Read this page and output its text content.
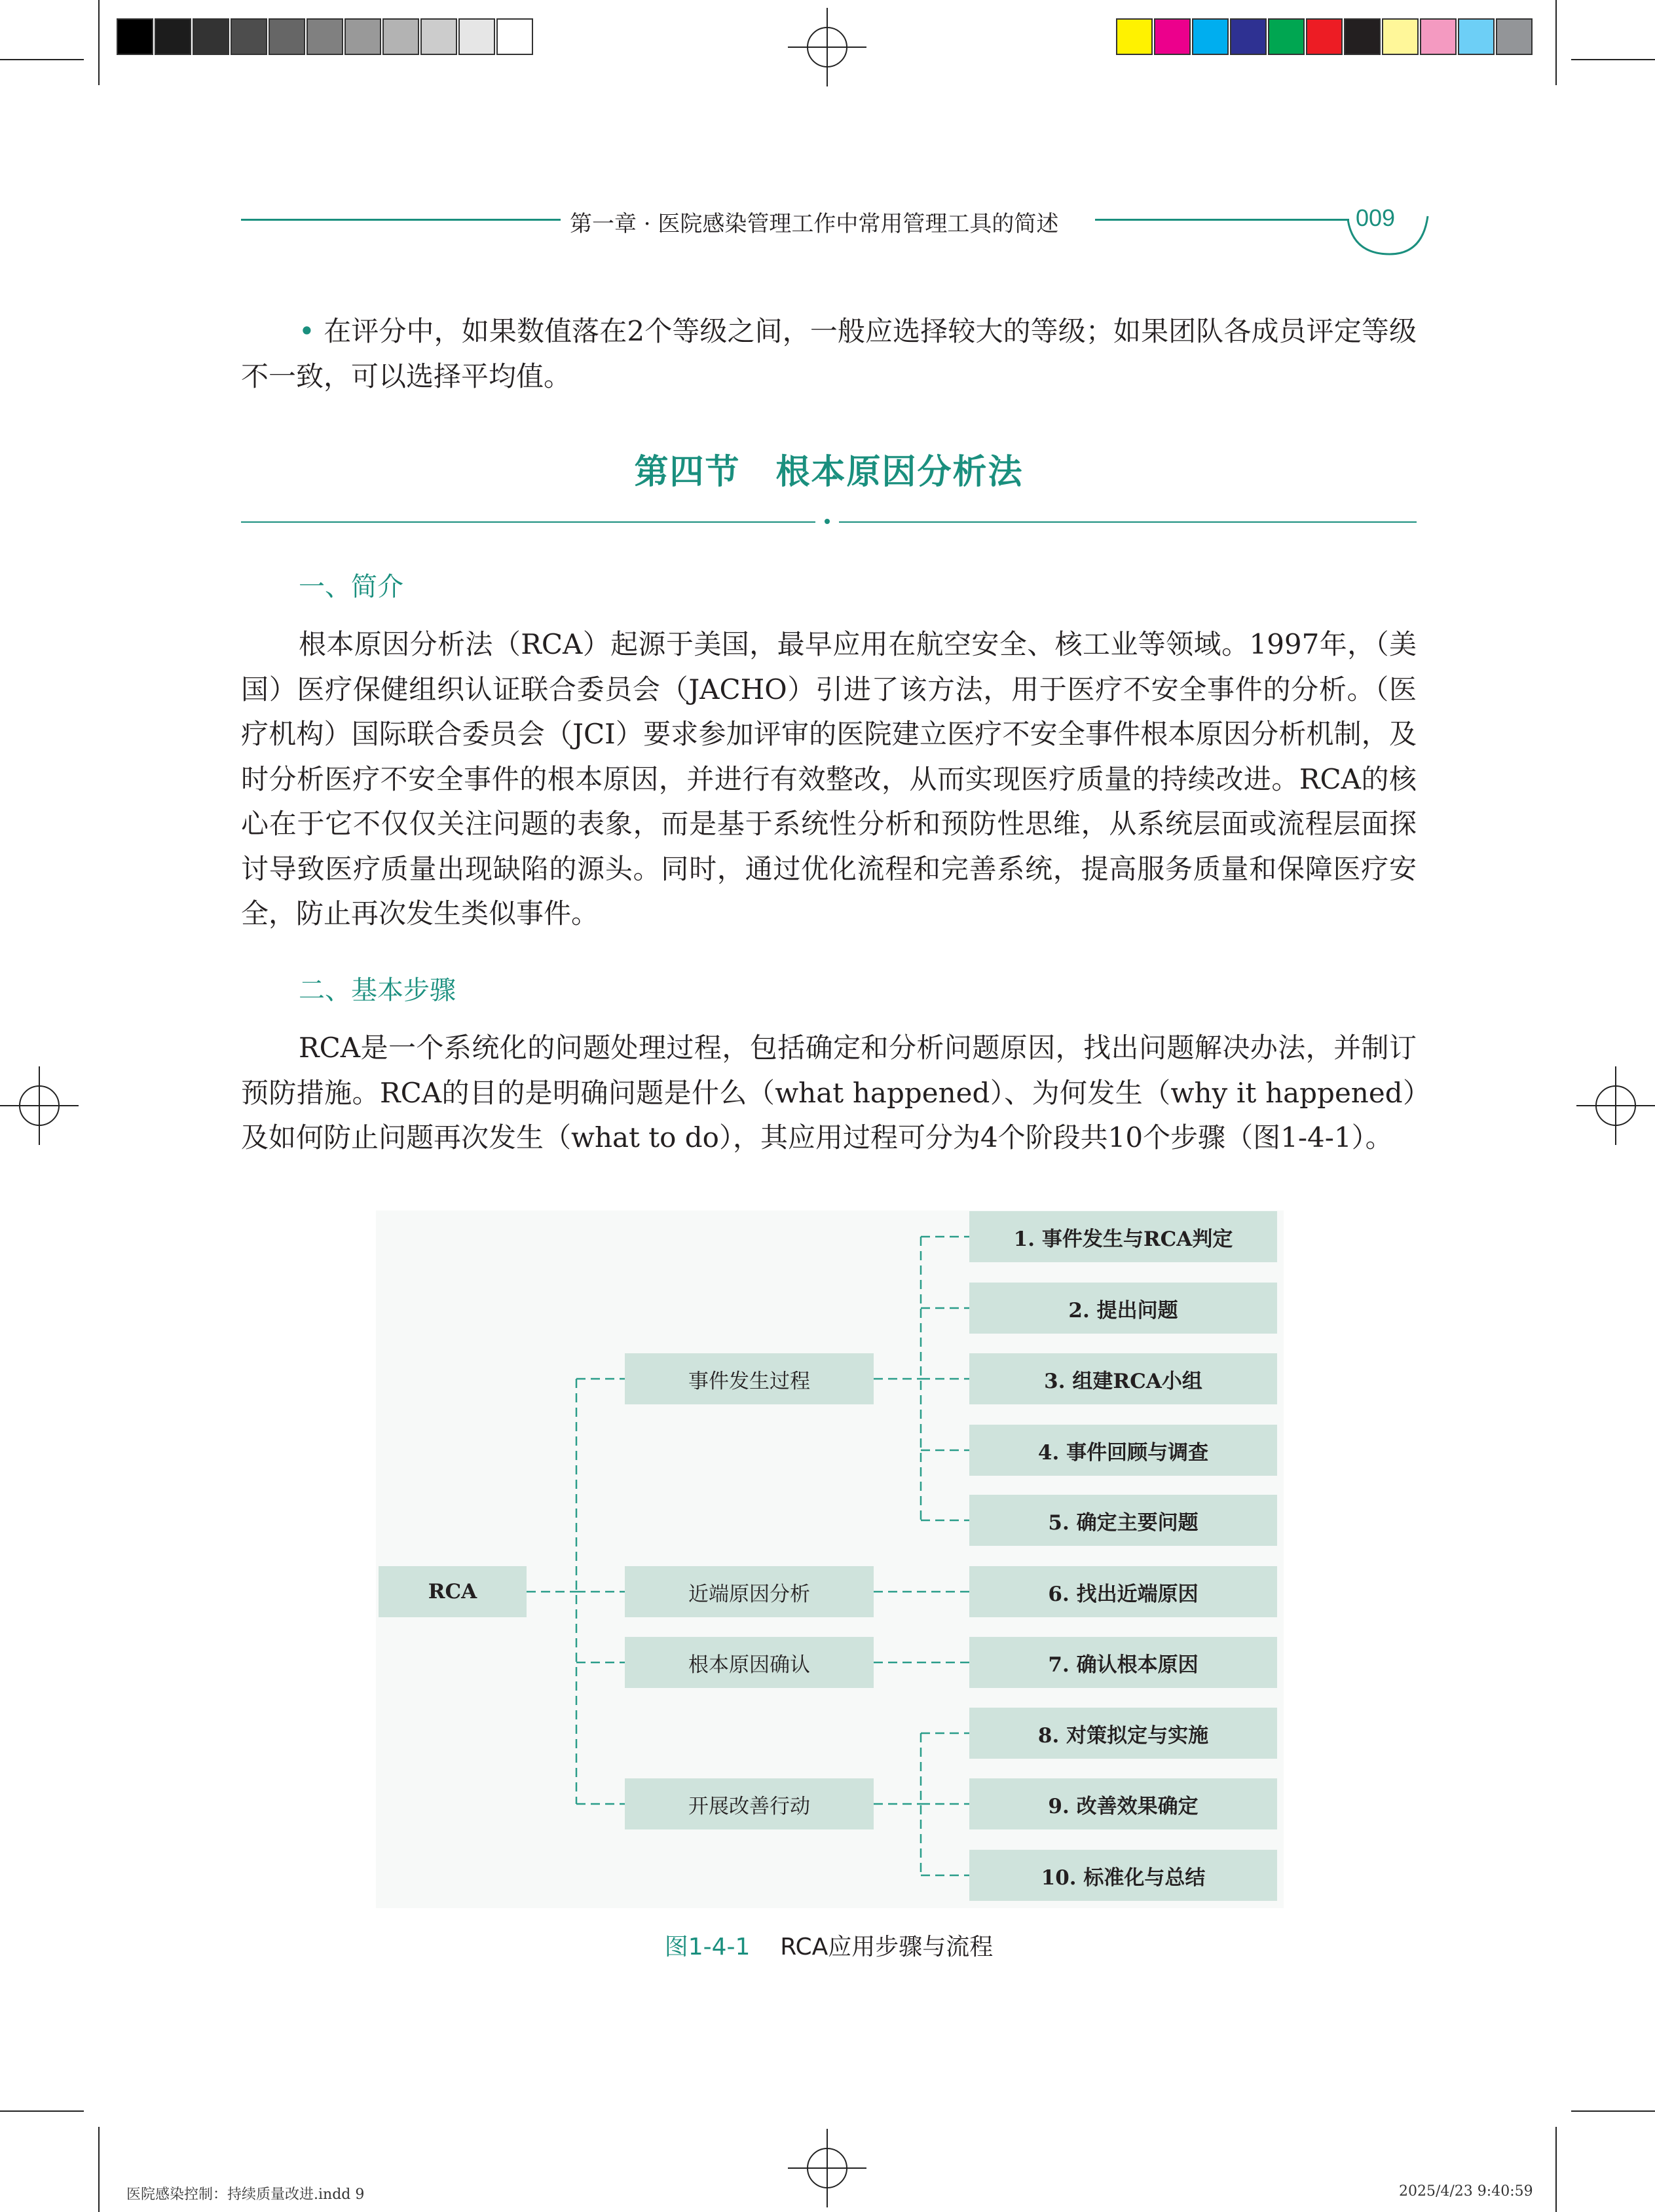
第一章 · 医院感染管理工作中常用管理工具的简述	009

• 在评分中，如果数值落在2个等级之间，一般应选择较大的等级；如果团队各成员评定等级不一致，可以选择平均值。

第四节　根本原因分析法
一、简介

根本原因分析法（RCA）起源于美国，最早应用在航空安全、核工业等领域。1997年，（美国）医疗保健组织认证联合委员会（JACHO）引进了该方法，用于医疗不安全事件的分析。（医疗机构）国际联合委员会（JCI）要求参加评审的医院建立医疗不安全事件根本原因分析机制，及时分析医疗不安全事件的根本原因，并进行有效整改，从而实现医疗质量的持续改进。RCA的核心在于它不仅仅关注问题的表象，而是基于系统性分析和预防性思维，从系统层面或流程层面探讨导致医疗质量出现缺陷的源头。同时，通过优化流程和完善系统，提高服务质量和保障医疗安全，防止再次发生类似事件。

二、基本步骤

RCA是一个系统化的问题处理过程，包括确定和分析问题原因，找出问题解决办法，并制订预防措施。RCA的目的是明确问题是什么（what happened）、为何发生（why it happened）及如何防止问题再次发生（what to do），其应用过程可分为4个阶段共10个步骤（图1-4-1）。

RCA
事件发生过程
近端原因分析
根本原因确认
开展改善行动
1. 事件发生与RCA判定
2. 提出问题
3. 组建RCA小组
4. 事件回顾与调查
5. 确定主要问题
6. 找出近端原因
7. 确认根本原因
8. 对策拟定与实施
9. 改善效果确定
10. 标准化与总结
图1-4-1 RCA应用步骤与流程
医院感染控制：持续质量改进.indd 9	2025/4/23 9:40:59
